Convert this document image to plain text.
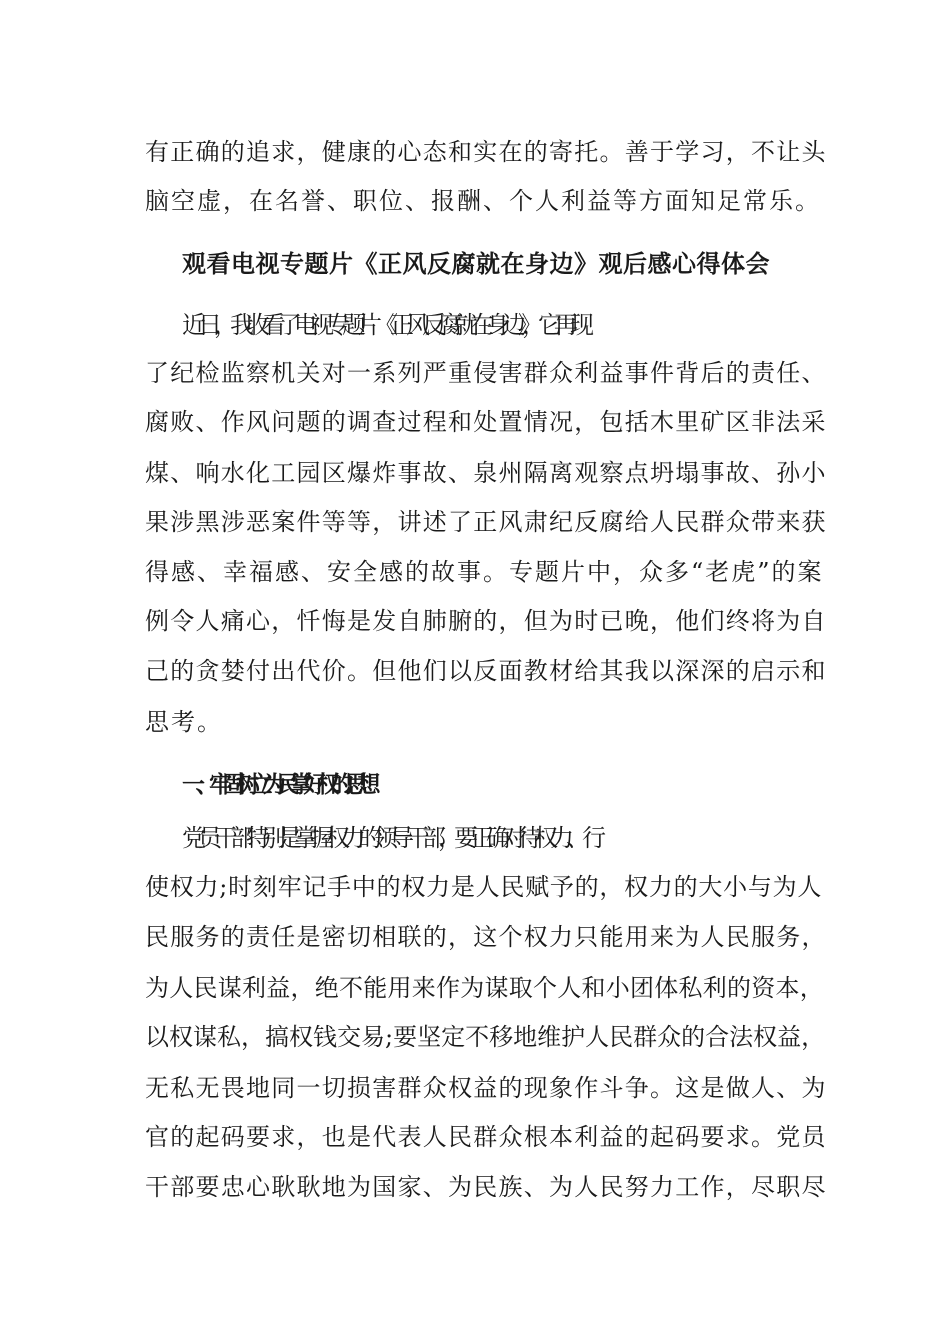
有正确的追求，健康的心态和实在的寄托。善于学习，不让头
脑空虚，在名誉、职位、报酬、个人利益等方面知足常乐。
观看电视专题片《正风反腐就在身边》观后感心得体会
近日，我收看了电视专题片《正风反腐就在身边》，它再现
了纪检监察机关对一系列严重侵害群众利益事件背后的责任、
腐败、作风问题的调查过程和处置情况，包括木里矿区非法采
煤、响水化工园区爆炸事故、泉州隔离观察点坍塌事故、孙小
果涉黑涉恶案件等等，讲述了正风肃纪反腐给人民群众带来获
得感、幸福感、安全感的故事。专题片中，众多“老虎”的案
例令人痛心，忏悔是发自肺腑的，但为时已晚，他们终将为自
己的贪婪付出代价。但他们以反面教材给其我以深深的启示和
思考。
一、牢固树立为民掌好权的思想
党员干部特别是掌握权力的领导干部，要正确对待权力、行
使权力;时刻牢记手中的权力是人民赋予的，权力的大小与为人
民服务的责任是密切相联的，这个权力只能用来为人民服务，
为人民谋利益，绝不能用来作为谋取个人和小团体私利的资本，
以权谋私，搞权钱交易;要坚定不移地维护人民群众的合法权益，
无私无畏地同一切损害群众权益的现象作斗争。这是做人、为
官的起码要求，也是代表人民群众根本利益的起码要求。党员
干部要忠心耿耿地为国家、为民族、为人民努力工作，尽职尽
